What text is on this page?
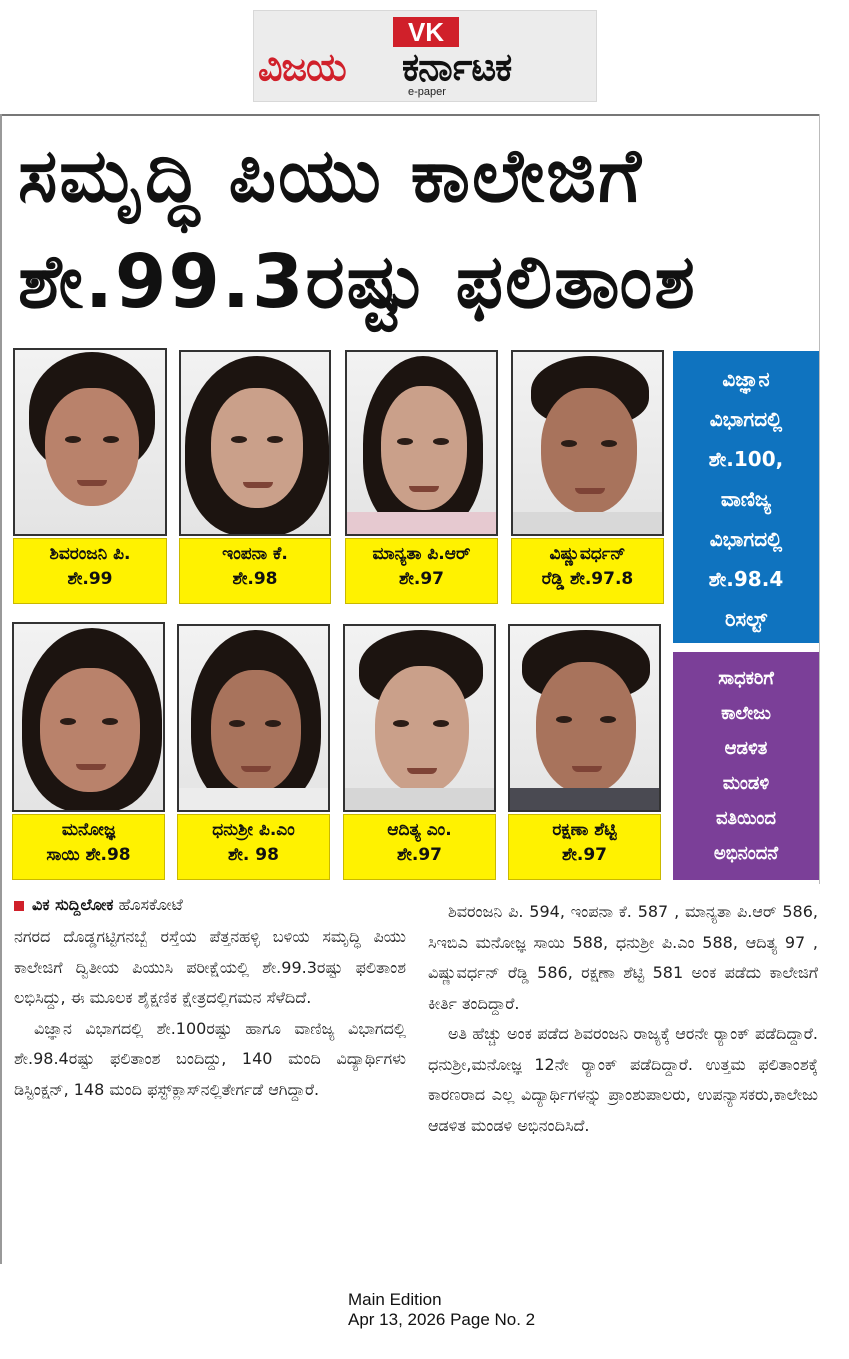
VK
ವಿಜಯ ಕರ್ನಾಟಕ
e-paper
ಸಮೃದ್ಧಿ ಪಿಯು ಕಾಲೇಜಿಗೆ
ಶೇ.99.3ರಷ್ಟು ಫಲಿತಾಂಶ
ಶಿವರಂಜನಿ ಪಿ.
ಶೇ.99
ಇಂಪನಾ ಕೆ.
ಶೇ.98
ಮಾನ್ಯತಾ ಪಿ.ಆರ್
ಶೇ.97
ವಿಷ್ಣುವರ್ಧನ್
ರೆಡ್ಡಿ ಶೇ.97.8
ಮನೋಜ್ಞ
ಸಾಯಿ ಶೇ.98
ಧನುಶ್ರೀ ಪಿ.ಎಂ
ಶೇ. 98
ಆದಿತ್ಯ ಎಂ.
ಶೇ.97
ರಕ್ಷಣಾ ಶೆಟ್ಟಿ
ಶೇ.97
ವಿಜ್ಞಾನ
ವಿಭಾಗದಲ್ಲಿ
ಶೇ.100,
ವಾಣಿಜ್ಯ
ವಿಭಾಗದಲ್ಲಿ
ಶೇ.98.4
ರಿಸಲ್ಟ್
ಸಾಧಕರಿಗೆ
ಕಾಲೇಜು
ಆಡಳಿತ
ಮಂಡಳಿ
ವತಿಯಿಂದ
ಅಭಿನಂದನೆ
ವಿಕ ಸುದ್ದಿಲೋಕ ಹೊಸಕೋಟೆ

ನಗರದ ದೊಡ್ಡಗಟ್ಟಿಗನಬ್ಬೆ ರಸ್ತೆಯ ಪೆತ್ತನಹಳ್ಳಿ ಬಳಿಯ ಸಮೃದ್ಧಿ ಪಿಯು ಕಾಲೇಜಿಗೆ ದ್ವಿತೀಯ ಪಿಯುಸಿ ಪರೀಕ್ಷೆಯಲ್ಲಿ ಶೇ.99.3ರಷ್ಟು ಫಲಿತಾಂಶ ಲಭಿಸಿದ್ದು, ಈ ಮೂಲಕ ಶೈಕ್ಷಣಿಕ ಕ್ಷೇತ್ರದಲ್ಲಿಗಮನ ಸೆಳೆದಿದೆ.

ವಿಜ್ಞಾನ ವಿಭಾಗದಲ್ಲಿ ಶೇ.100ರಷ್ಟು ಹಾಗೂ ವಾಣಿಜ್ಯ ವಿಭಾಗದಲ್ಲಿ ಶೇ.98.4ರಷ್ಟು ಫಲಿತಾಂಶ ಬಂದಿದ್ದು, 140 ಮಂದಿ ವಿದ್ಯಾರ್ಥಿಗಳು ಡಿಸ್ಟಿಂಕ್ಷನ್, 148 ಮಂದಿ ಫಸ್ಟ್‌ಕ್ಲಾಸ್‌ನಲ್ಲಿತೇರ್ಗಡೆ ಆಗಿದ್ದಾರೆ.

ಶಿವರಂಜನಿ ಪಿ. 594, ಇಂಪನಾ ಕೆ. 587 , ಮಾನ್ಯತಾ ಪಿ.ಆರ್ 586, ಸಿಇಬಿಎ ಮನೋಜ್ಞ ಸಾಯಿ 588, ಧನುಶ್ರೀ ಪಿ.ಎಂ 588, ಆದಿತ್ಯ 97 , ವಿಷ್ಣುವರ್ಧನ್ ರೆಡ್ಡಿ 586, ರಕ್ಷಣಾ ಶೆಟ್ಟಿ 581 ಅಂಕ ಪಡೆದು ಕಾಲೇಜಿಗೆ ಕೀರ್ತಿ ತಂದಿದ್ದಾರೆ.

ಅತಿ ಹೆಚ್ಚು ಅಂಕ ಪಡೆದ ಶಿವರಂಜನಿ ರಾಜ್ಯಕ್ಕೆ ಆರನೇ ರ‍್ಯಾಂಕ್ ಪಡೆದಿದ್ದಾರೆ. ಧನುಶ್ರೀ,ಮನೋಜ್ಞ 12ನೇ ರ‍್ಯಾಂಕ್ ಪಡೆದಿದ್ದಾರೆ. ಉತ್ತಮ ಫಲಿತಾಂಶಕ್ಕೆ ಕಾರಣರಾದ ಎಲ್ಲ ವಿದ್ಯಾರ್ಥಿಗಳನ್ನು ಪ್ರಾಂಶುಪಾಲರು, ಉಪನ್ಯಾಸಕರು,ಕಾಲೇಜು ಆಡಳಿತ ಮಂಡಳಿ ಅಭಿನಂದಿಸಿದೆ.

Main Edition
Apr 13, 2026 Page No. 2
